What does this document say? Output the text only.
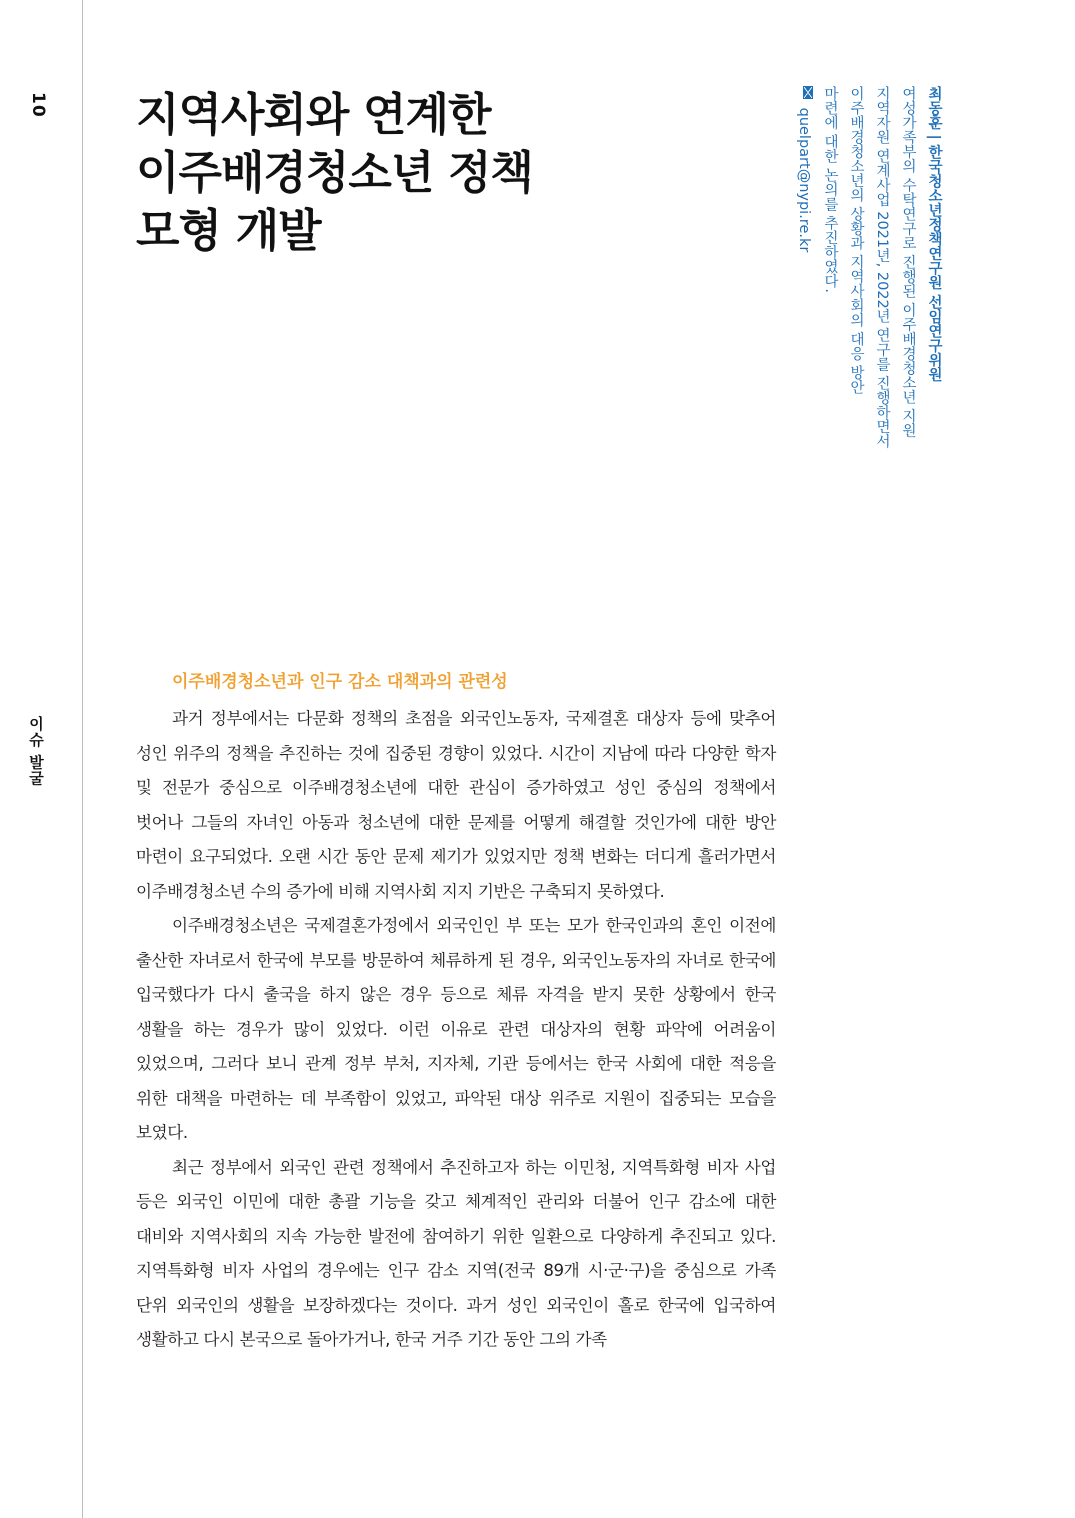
10
이슈 발굴
지역사회와 연계한
이주배경청소년 정책
모형 개발	최동훈 | 한국청소년정책연구원 선임연구위원
여성가족부의 수탁연구로 진행된 이주배경청소년 지원
지역자원 연계사업 2021년, 2022년 연구를 진행하면서
이주배경청소년의 상황과 지역사회의 대응 방안
마련에 대한 논의를 추진하였다.
quelpart@nypi.re.kr
이주배경청소년과 인구 감소 대책과의 관련성

과거 정부에서는 다문화 정책의 초점을 외국인노동자, 국제결혼 대상자 등에 맞추어 성인 위주의 정책을 추진하는 것에 집중된 경향이 있었다. 시간이 지남에 따라 다양한 학자 및 전문가 중심으로 이주배경청소년에 대한 관심이 증가하였고 성인 중심의 정책에서 벗어나 그들의 자녀인 아동과 청소년에 대한 문제를 어떻게 해결할 것인가에 대한 방안 마련이 요구되었다. 오랜 시간 동안 문제 제기가 있었지만 정책 변화는 더디게 흘러가면서 이주배경청소년 수의 증가에 비해 지역사회 지지 기반은 구축되지 못하였다.

이주배경청소년은 국제결혼가정에서 외국인인 부 또는 모가 한국인과의 혼인 이전에 출산한 자녀로서 한국에 부모를 방문하여 체류하게 된 경우, 외국인노동자의 자녀로 한국에 입국했다가 다시 출국을 하지 않은 경우 등으로 체류 자격을 받지 못한 상황에서 한국 생활을 하는 경우가 많이 있었다. 이런 이유로 관련 대상자의 현황 파악에 어려움이 있었으며, 그러다 보니 관계 정부 부처, 지자체, 기관 등에서는 한국 사회에 대한 적응을 위한 대책을 마련하는 데 부족함이 있었고, 파악된 대상 위주로 지원이 집중되는 모습을 보였다.

최근 정부에서 외국인 관련 정책에서 추진하고자 하는 이민청, 지역특화형 비자 사업 등은 외국인 이민에 대한 총괄 기능을 갖고 체계적인 관리와 더불어 인구 감소에 대한 대비와 지역사회의 지속 가능한 발전에 참여하기 위한 일환으로 다양하게 추진되고 있다. 지역특화형 비자 사업의 경우에는 인구 감소 지역(전국 89개 시·군·구)을 중심으로 가족 단위 외국인의 생활을 보장하겠다는 것이다. 과거 성인 외국인이 홀로 한국에 입국하여 생활하고 다시 본국으로 돌아가거나, 한국 거주 기간 동안 그의 가족
